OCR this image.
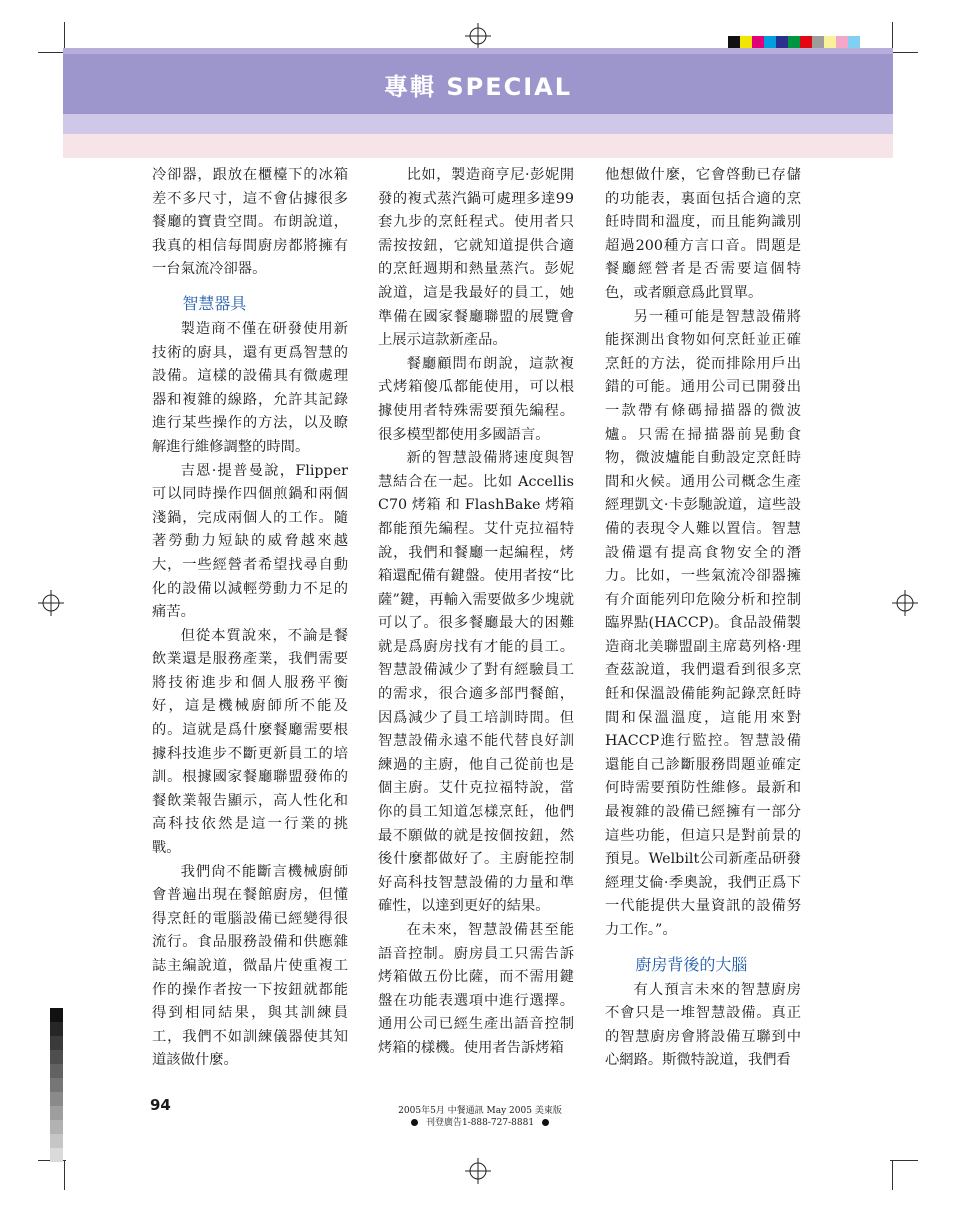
專輯 SPECIAL

冷卻器，跟放在櫃檯下的冰箱差不多尺寸，這不會佔據很多餐廳的寶貴空間。布朗說道，我真的相信每間廚房都將擁有一台氣流冷卻器。

智慧器具

製造商不僅在研發使用新技術的廚具，還有更爲智慧的設備。這樣的設備具有微處理器和複雜的線路，允許其記錄進行某些操作的方法，以及瞭解進行維修調整的時間。

吉恩·提普曼說，Flipper 可以同時操作四個煎鍋和兩個淺鍋，完成兩個人的工作。隨著勞動力短缺的威脅越來越大，一些經營者希望找尋自動化的設備以減輕勞動力不足的痛苦。

但從本質說來，不論是餐飲業還是服務產業，我們需要將技術進步和個人服務平衡好，這是機械廚師所不能及的。這就是爲什麼餐廳需要根據科技進步不斷更新員工的培訓。根據國家餐廳聯盟發佈的餐飲業報告顯示，高人性化和高科技依然是這一行業的挑戰。

我們尙不能斷言機械廚師會普遍出現在餐館廚房，但懂得烹飪的電腦設備已經變得很流行。食品服務設備和供應雜誌主編說道，微晶片使重複工作的操作者按一下按鈕就都能得到相同結果，與其訓練員工，我們不如訓練儀器使其知道該做什麼。

比如，製造商亨尼·彭妮開發的複式蒸汽鍋可處理多達99套九步的烹飪程式。使用者只需按按鈕，它就知道提供合適的烹飪週期和熱量蒸汽。彭妮說道，這是我最好的員工，她準備在國家餐廳聯盟的展覽會上展示這款新產品。

餐廳顧問布朗說，這款複式烤箱傻瓜都能使用，可以根據使用者特殊需要預先編程。很多模型都使用多國語言。

新的智慧設備將速度與智慧結合在一起。比如 Accellis C70 烤箱 和 FlashBake 烤箱都能預先編程。艾什克拉福特說，我們和餐廳一起編程，烤箱還配備有鍵盤。使用者按“比薩”鍵，再輸入需要做多少塊就可以了。很多餐廳最大的困難就是爲廚房找有才能的員工。智慧設備減少了對有經驗員工的需求，很合適多部門餐館，因爲減少了員工培訓時間。但智慧設備永遠不能代替良好訓練過的主廚，他自己從前也是個主廚。艾什克拉福特說，當你的員工知道怎樣烹飪，他們最不願做的就是按個按鈕，然後什麼都做好了。主廚能控制好高科技智慧設備的力量和準確性，以達到更好的結果。

在未來，智慧設備甚至能語音控制。廚房員工只需告訴烤箱做五份比薩，而不需用鍵盤在功能表選項中進行選擇。通用公司已經生產出語音控制烤箱的樣機。使用者告訴烤箱

他想做什麼，它會啓動已存儲的功能表，裏面包括合適的烹飪時間和溫度，而且能夠識別超過200種方言口音。問題是餐廳經營者是否需要這個特色，或者願意爲此買單。

另一種可能是智慧設備將能探測出食物如何烹飪並正確烹飪的方法，從而排除用戶出錯的可能。通用公司已開發出一款帶有條碼掃描器的微波爐。只需在掃描器前晃動食物，微波爐能自動設定烹飪時間和火候。通用公司概念生產經理凱文·卡彭馳說道，這些設備的表現令人難以置信。智慧設備還有提高食物安全的潛力。比如，一些氣流冷卻器擁有介面能列印危險分析和控制臨界點(HACCP)。食品設備製造商北美聯盟副主席葛列格·理查茲說道，我們還看到很多烹飪和保溫設備能夠記錄烹飪時間和保溫溫度，這能用來對HACCP進行監控。智慧設備還能自己診斷服務問題並確定何時需要預防性維修。最新和最複雜的設備已經擁有一部分這些功能，但這只是對前景的預見。Welbilt公司新產品研發經理艾倫·季奧說，我們正爲下一代能提供大量資訊的設備努力工作。”。

廚房背後的大腦

有人預言未來的智慧廚房不會只是一堆智慧設備。真正的智慧廚房會將設備互聯到中心網路。斯微特說道，我們看

94	2005年5月 中餐通訊 May 2005 美東版
刊登廣告1-888-727-8881
